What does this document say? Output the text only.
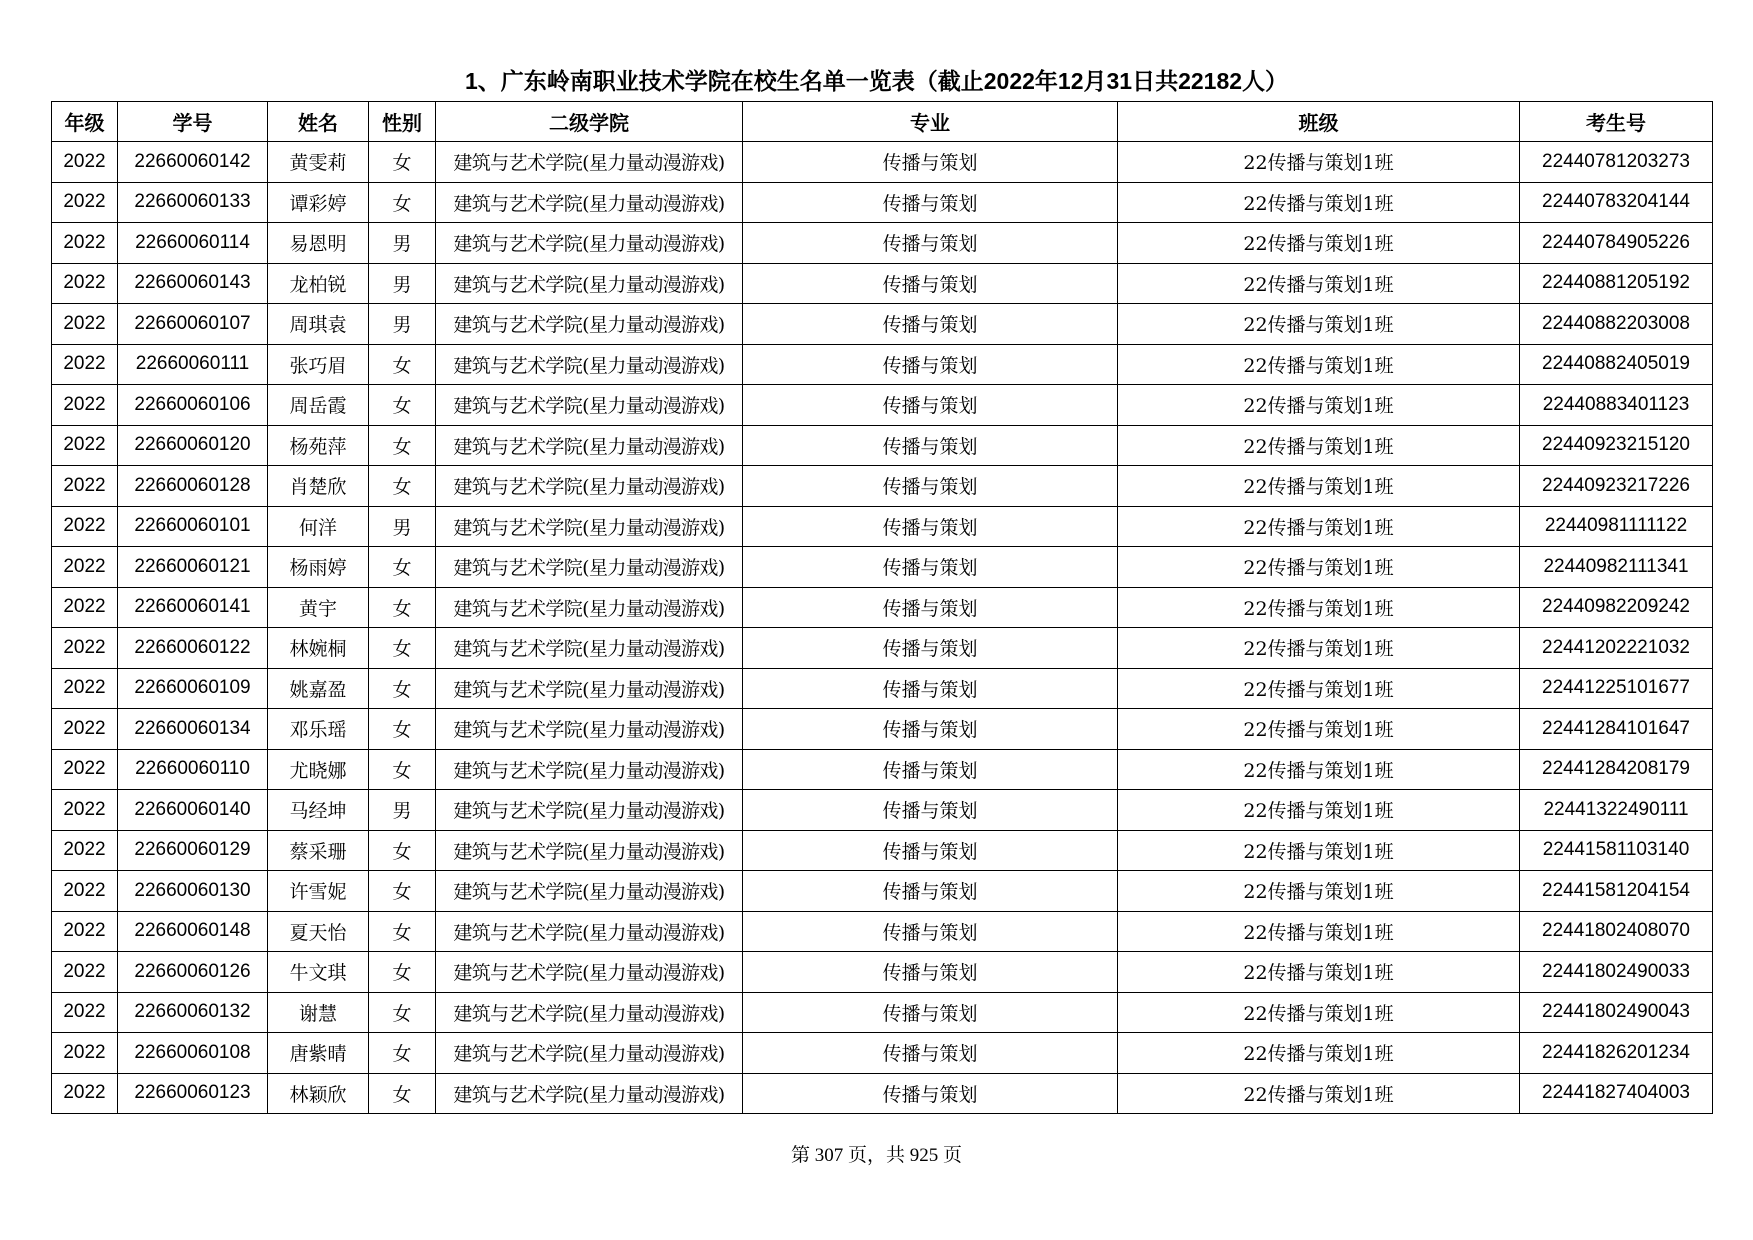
1、广东岭南职业技术学院在校生名单一览表（截止2022年12月31日共22182人）
年级	学号	姓名	性别	二级学院	专业	班级	考生号
2022	22660060142	黄雯莉	女	建筑与艺术学院(星力量动漫游戏)	传播与策划	22传播与策划1班	22440781203273
2022	22660060133	谭彩婷	女	建筑与艺术学院(星力量动漫游戏)	传播与策划	22传播与策划1班	22440783204144
2022	22660060114	易恩明	男	建筑与艺术学院(星力量动漫游戏)	传播与策划	22传播与策划1班	22440784905226
2022	22660060143	龙柏锐	男	建筑与艺术学院(星力量动漫游戏)	传播与策划	22传播与策划1班	22440881205192
2022	22660060107	周琪袁	男	建筑与艺术学院(星力量动漫游戏)	传播与策划	22传播与策划1班	22440882203008
2022	22660060111	张巧眉	女	建筑与艺术学院(星力量动漫游戏)	传播与策划	22传播与策划1班	22440882405019
2022	22660060106	周岳霞	女	建筑与艺术学院(星力量动漫游戏)	传播与策划	22传播与策划1班	22440883401123
2022	22660060120	杨苑萍	女	建筑与艺术学院(星力量动漫游戏)	传播与策划	22传播与策划1班	22440923215120
2022	22660060128	肖楚欣	女	建筑与艺术学院(星力量动漫游戏)	传播与策划	22传播与策划1班	22440923217226
2022	22660060101	何洋	男	建筑与艺术学院(星力量动漫游戏)	传播与策划	22传播与策划1班	22440981111122
2022	22660060121	杨雨婷	女	建筑与艺术学院(星力量动漫游戏)	传播与策划	22传播与策划1班	22440982111341
2022	22660060141	黄宇	女	建筑与艺术学院(星力量动漫游戏)	传播与策划	22传播与策划1班	22440982209242
2022	22660060122	林婉桐	女	建筑与艺术学院(星力量动漫游戏)	传播与策划	22传播与策划1班	22441202221032
2022	22660060109	姚嘉盈	女	建筑与艺术学院(星力量动漫游戏)	传播与策划	22传播与策划1班	22441225101677
2022	22660060134	邓乐瑶	女	建筑与艺术学院(星力量动漫游戏)	传播与策划	22传播与策划1班	22441284101647
2022	22660060110	尤晓娜	女	建筑与艺术学院(星力量动漫游戏)	传播与策划	22传播与策划1班	22441284208179
2022	22660060140	马经坤	男	建筑与艺术学院(星力量动漫游戏)	传播与策划	22传播与策划1班	22441322490111
2022	22660060129	蔡采珊	女	建筑与艺术学院(星力量动漫游戏)	传播与策划	22传播与策划1班	22441581103140
2022	22660060130	许雪妮	女	建筑与艺术学院(星力量动漫游戏)	传播与策划	22传播与策划1班	22441581204154
2022	22660060148	夏天怡	女	建筑与艺术学院(星力量动漫游戏)	传播与策划	22传播与策划1班	22441802408070
2022	22660060126	牛文琪	女	建筑与艺术学院(星力量动漫游戏)	传播与策划	22传播与策划1班	22441802490033
2022	22660060132	谢慧	女	建筑与艺术学院(星力量动漫游戏)	传播与策划	22传播与策划1班	22441802490043
2022	22660060108	唐紫晴	女	建筑与艺术学院(星力量动漫游戏)	传播与策划	22传播与策划1班	22441826201234
2022	22660060123	林颖欣	女	建筑与艺术学院(星力量动漫游戏)	传播与策划	22传播与策划1班	22441827404003
第 307 页，共 925 页
